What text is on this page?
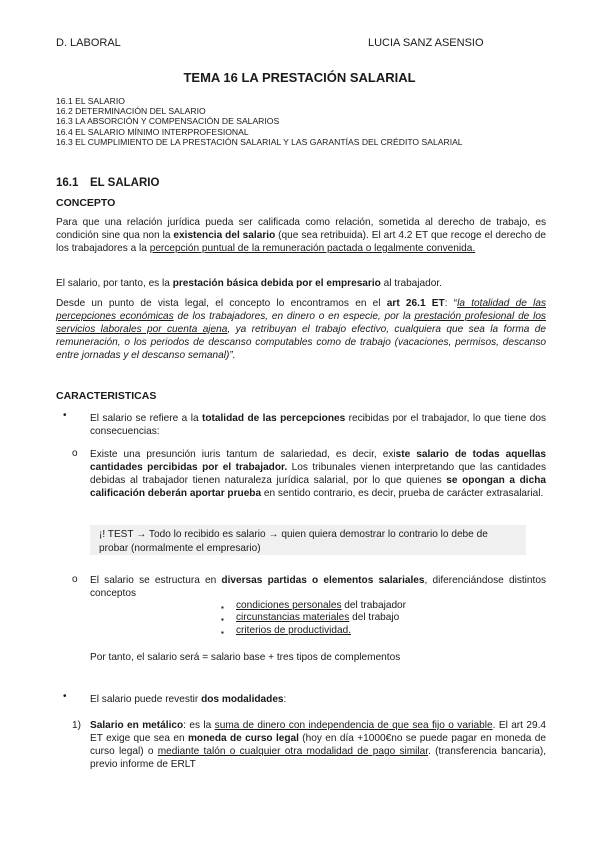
D. LABORAL	LUCIA SANZ ASENSIO
TEMA 16 LA PRESTACIÓN SALARIAL
16.1 EL SALARIO
16.2 DETERMINACIÓN DEL SALARIO
16.3 LA ABSORCIÓN Y COMPENSACIÓN DE SALARIOS
16.4 EL SALARIO MÍNIMO INTERPROFESIONAL
16.3 EL CUMPLIMIENTO DE LA PRESTACIÓN SALARIAL Y LAS GARANTÍAS DEL CRÉDITO SALARIAL
16.1 EL SALARIO
CONCEPTO
Para que una relación jurídica pueda ser calificada como relación, sometida al derecho de trabajo, es condición sine qua non la existencia del salario (que sea retribuida). El art 4.2 ET que recoge el derecho de los trabajadores a la percepción puntual de la remuneración pactada o legalmente convenida.
El salario, por tanto, es la prestación básica debida por el empresario al trabajador.
Desde un punto de vista legal, el concepto lo encontramos en el art 26.1 ET: “la totalidad de las percepciones económicas de los trabajadores, en dinero o en especie, por la prestación profesional de los servicios laborales por cuenta ajena, ya retribuyan el trabajo efectivo, cualquiera que sea la forma de remuneración, o los periodos de descanso computables como de trabajo (vacaciones, permisos, descanso entre jornadas y el descanso semanal)”.
CARACTERISTICAS
• El salario se refiere a la totalidad de las percepciones recibidas por el trabajador, lo que tiene dos consecuencias:
o Existe una presunción iuris tantum de salariedad, es decir, existe salario de todas aquellas cantidades percibidas por el trabajador. Los tribunales vienen interpretando que las cantidades debidas al trabajador tienen naturaleza jurídica salarial, por lo que quienes se opongan a dicha calificación deberán aportar prueba en sentido contrario, es decir, prueba de carácter extrasalarial.
¡! TEST → Todo lo recibido es salario → quien quiera demostrar lo contrario lo debe de probar (normalmente el empresario)
o El salario se estructura en diversas partidas o elementos salariales, diferenciándose distintos conceptos
▪ condiciones personales del trabajador
▪ circunstancias materiales del trabajo
▪ criterios de productividad.
Por tanto, el salario será = salario base + tres tipos de complementos
• El salario puede revestir dos modalidades:
1) Salario en metálico: es la suma de dinero con independencia de que sea fijo o variable. El art 29.4 ET exige que sea en moneda de curso legal (hoy en día +1000€no se puede pagar en moneda de curso legal) o mediante talón o cualquier otra modalidad de pago similar. (transferencia bancaria), previo informe de ERLT
